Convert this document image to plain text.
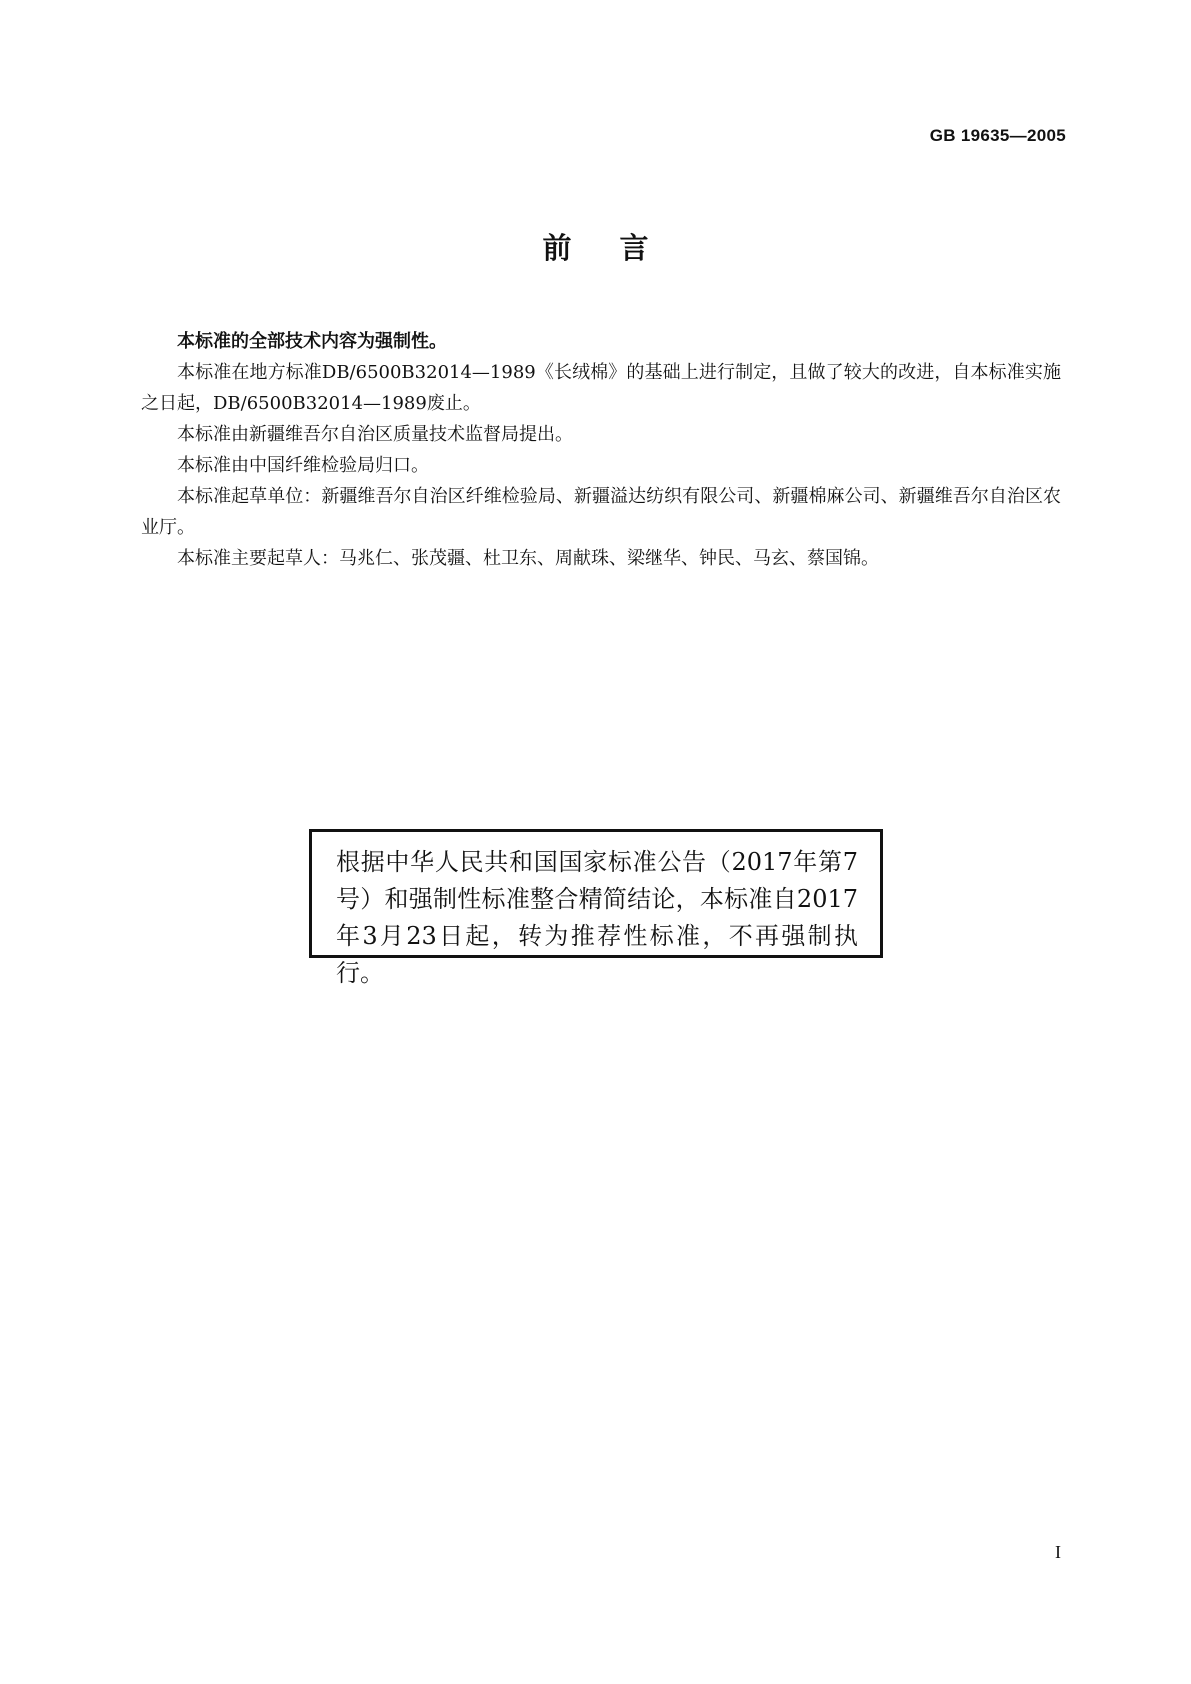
GB 19635—2005
前言

本标准的全部技术内容为强制性。

本标准在地方标准DB/6500B32014—1989《长绒棉》的基础上进行制定，且做了较大的改进，自本标准实施之日起，DB/6500B32014—1989废止。

本标准由新疆维吾尔自治区质量技术监督局提出。

本标准由中国纤维检验局归口。

本标准起草单位：新疆维吾尔自治区纤维检验局、新疆溢达纺织有限公司、新疆棉麻公司、新疆维吾尔自治区农业厅。

本标准主要起草人：马兆仁、张茂疆、杜卫东、周献珠、梁继华、钟民、马玄、蔡国锦。

根据中华人民共和国国家标准公告（2017年第7号）和强制性标准整合精简结论，本标准自2017年3月23日起，转为推荐性标准，不再强制执行。
I
